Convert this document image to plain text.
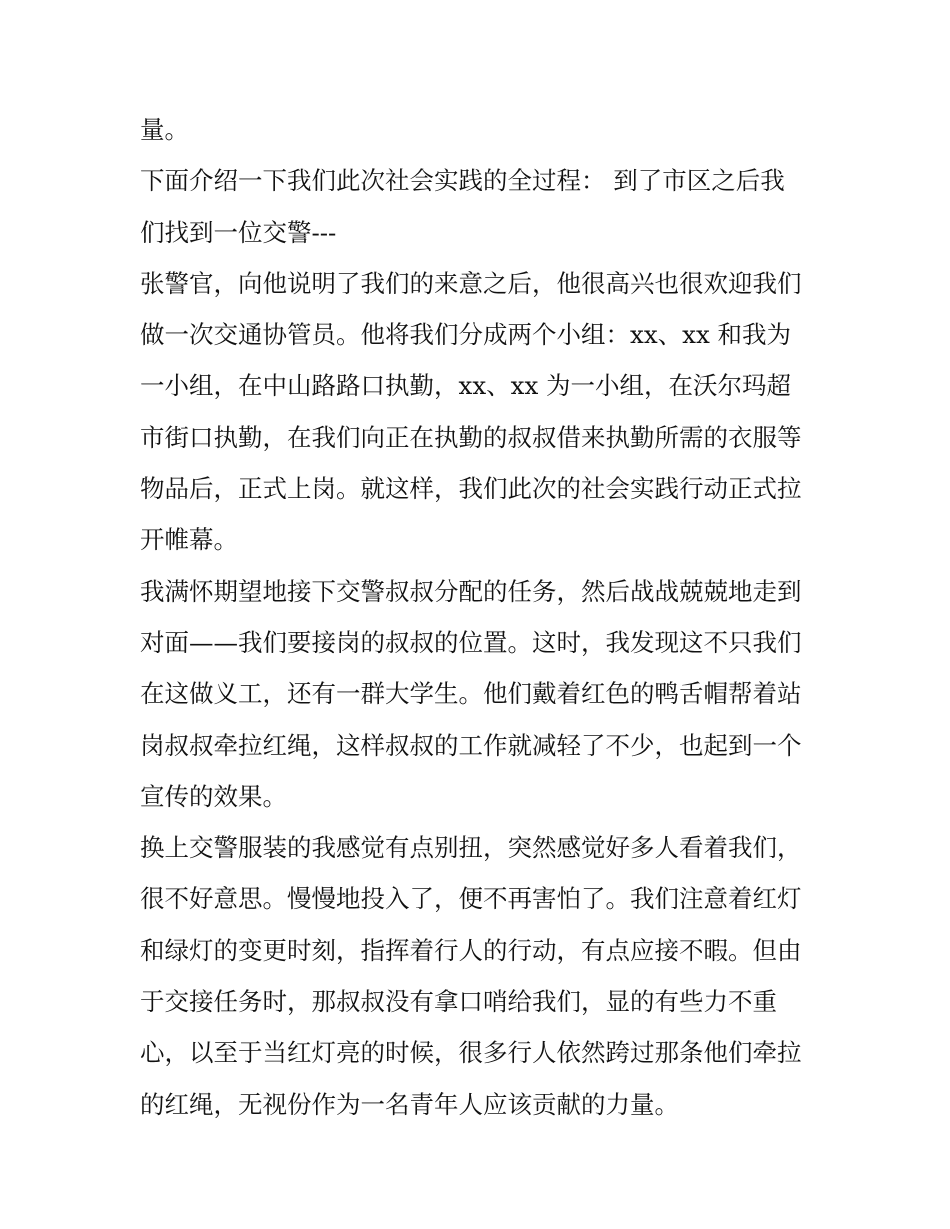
量。
下面介绍一下我们此次社会实践的全过程： 到了市区之后我
们找到一位交警---
张警官，向他说明了我们的来意之后，他很高兴也很欢迎我们
做一次交通协管员。他将我们分成两个小组：xx、xx 和我为
一小组，在中山路路口执勤，xx、xx 为一小组，在沃尔玛超
市街口执勤，在我们向正在执勤的叔叔借来执勤所需的衣服等
物品后，正式上岗。就这样，我们此次的社会实践行动正式拉
开帷幕。
我满怀期望地接下交警叔叔分配的任务，然后战战兢兢地走到
对面——我们要接岗的叔叔的位置。这时，我发现这不只我们
在这做义工，还有一群大学生。他们戴着红色的鸭舌帽帮着站
岗叔叔牵拉红绳，这样叔叔的工作就减轻了不少，也起到一个
宣传的效果。
换上交警服装的我感觉有点别扭，突然感觉好多人看着我们，
很不好意思。慢慢地投入了，便不再害怕了。我们注意着红灯
和绿灯的变更时刻，指挥着行人的行动，有点应接不暇。但由
于交接任务时，那叔叔没有拿口哨给我们，显的有些力不重
心，以至于当红灯亮的时候，很多行人依然跨过那条他们牵拉
的红绳，无视份作为一名青年人应该贡献的力量。
